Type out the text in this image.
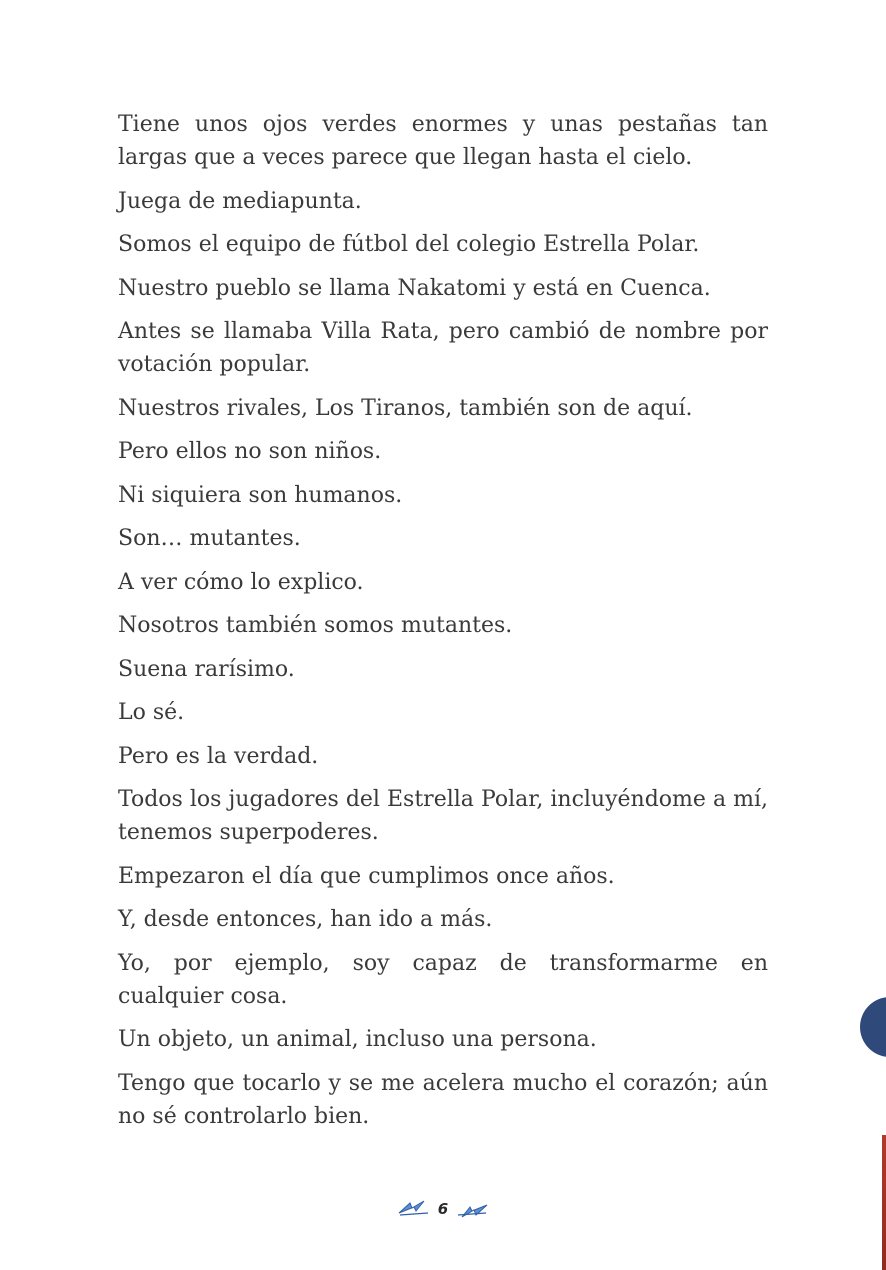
Tiene unos ojos verdes enormes y unas pestañas tan largas que a veces parece que llegan hasta el cielo.

Juega de mediapunta.

Somos el equipo de fútbol del colegio Estrella Polar.

Nuestro pueblo se llama Nakatomi y está en Cuenca.

Antes se llamaba Villa Rata, pero cambió de nombre por votación popular.

Nuestros rivales, Los Tiranos, también son de aquí.

Pero ellos no son niños.

Ni siquiera son humanos.

Son… mutantes.

A ver cómo lo explico.

Nosotros también somos mutantes.

Suena rarísimo.

Lo sé.

Pero es la verdad.

Todos los jugadores del Estrella Polar, incluyéndome a mí, tenemos superpoderes.

Empezaron el día que cumplimos once años.

Y, desde entonces, han ido a más.

Yo, por ejemplo, soy capaz de transformarme en cualquier cosa.

Un objeto, un animal, incluso una persona.

Tengo que tocarlo y se me acelera mucho el corazón; aún no sé controlarlo bien.

6
